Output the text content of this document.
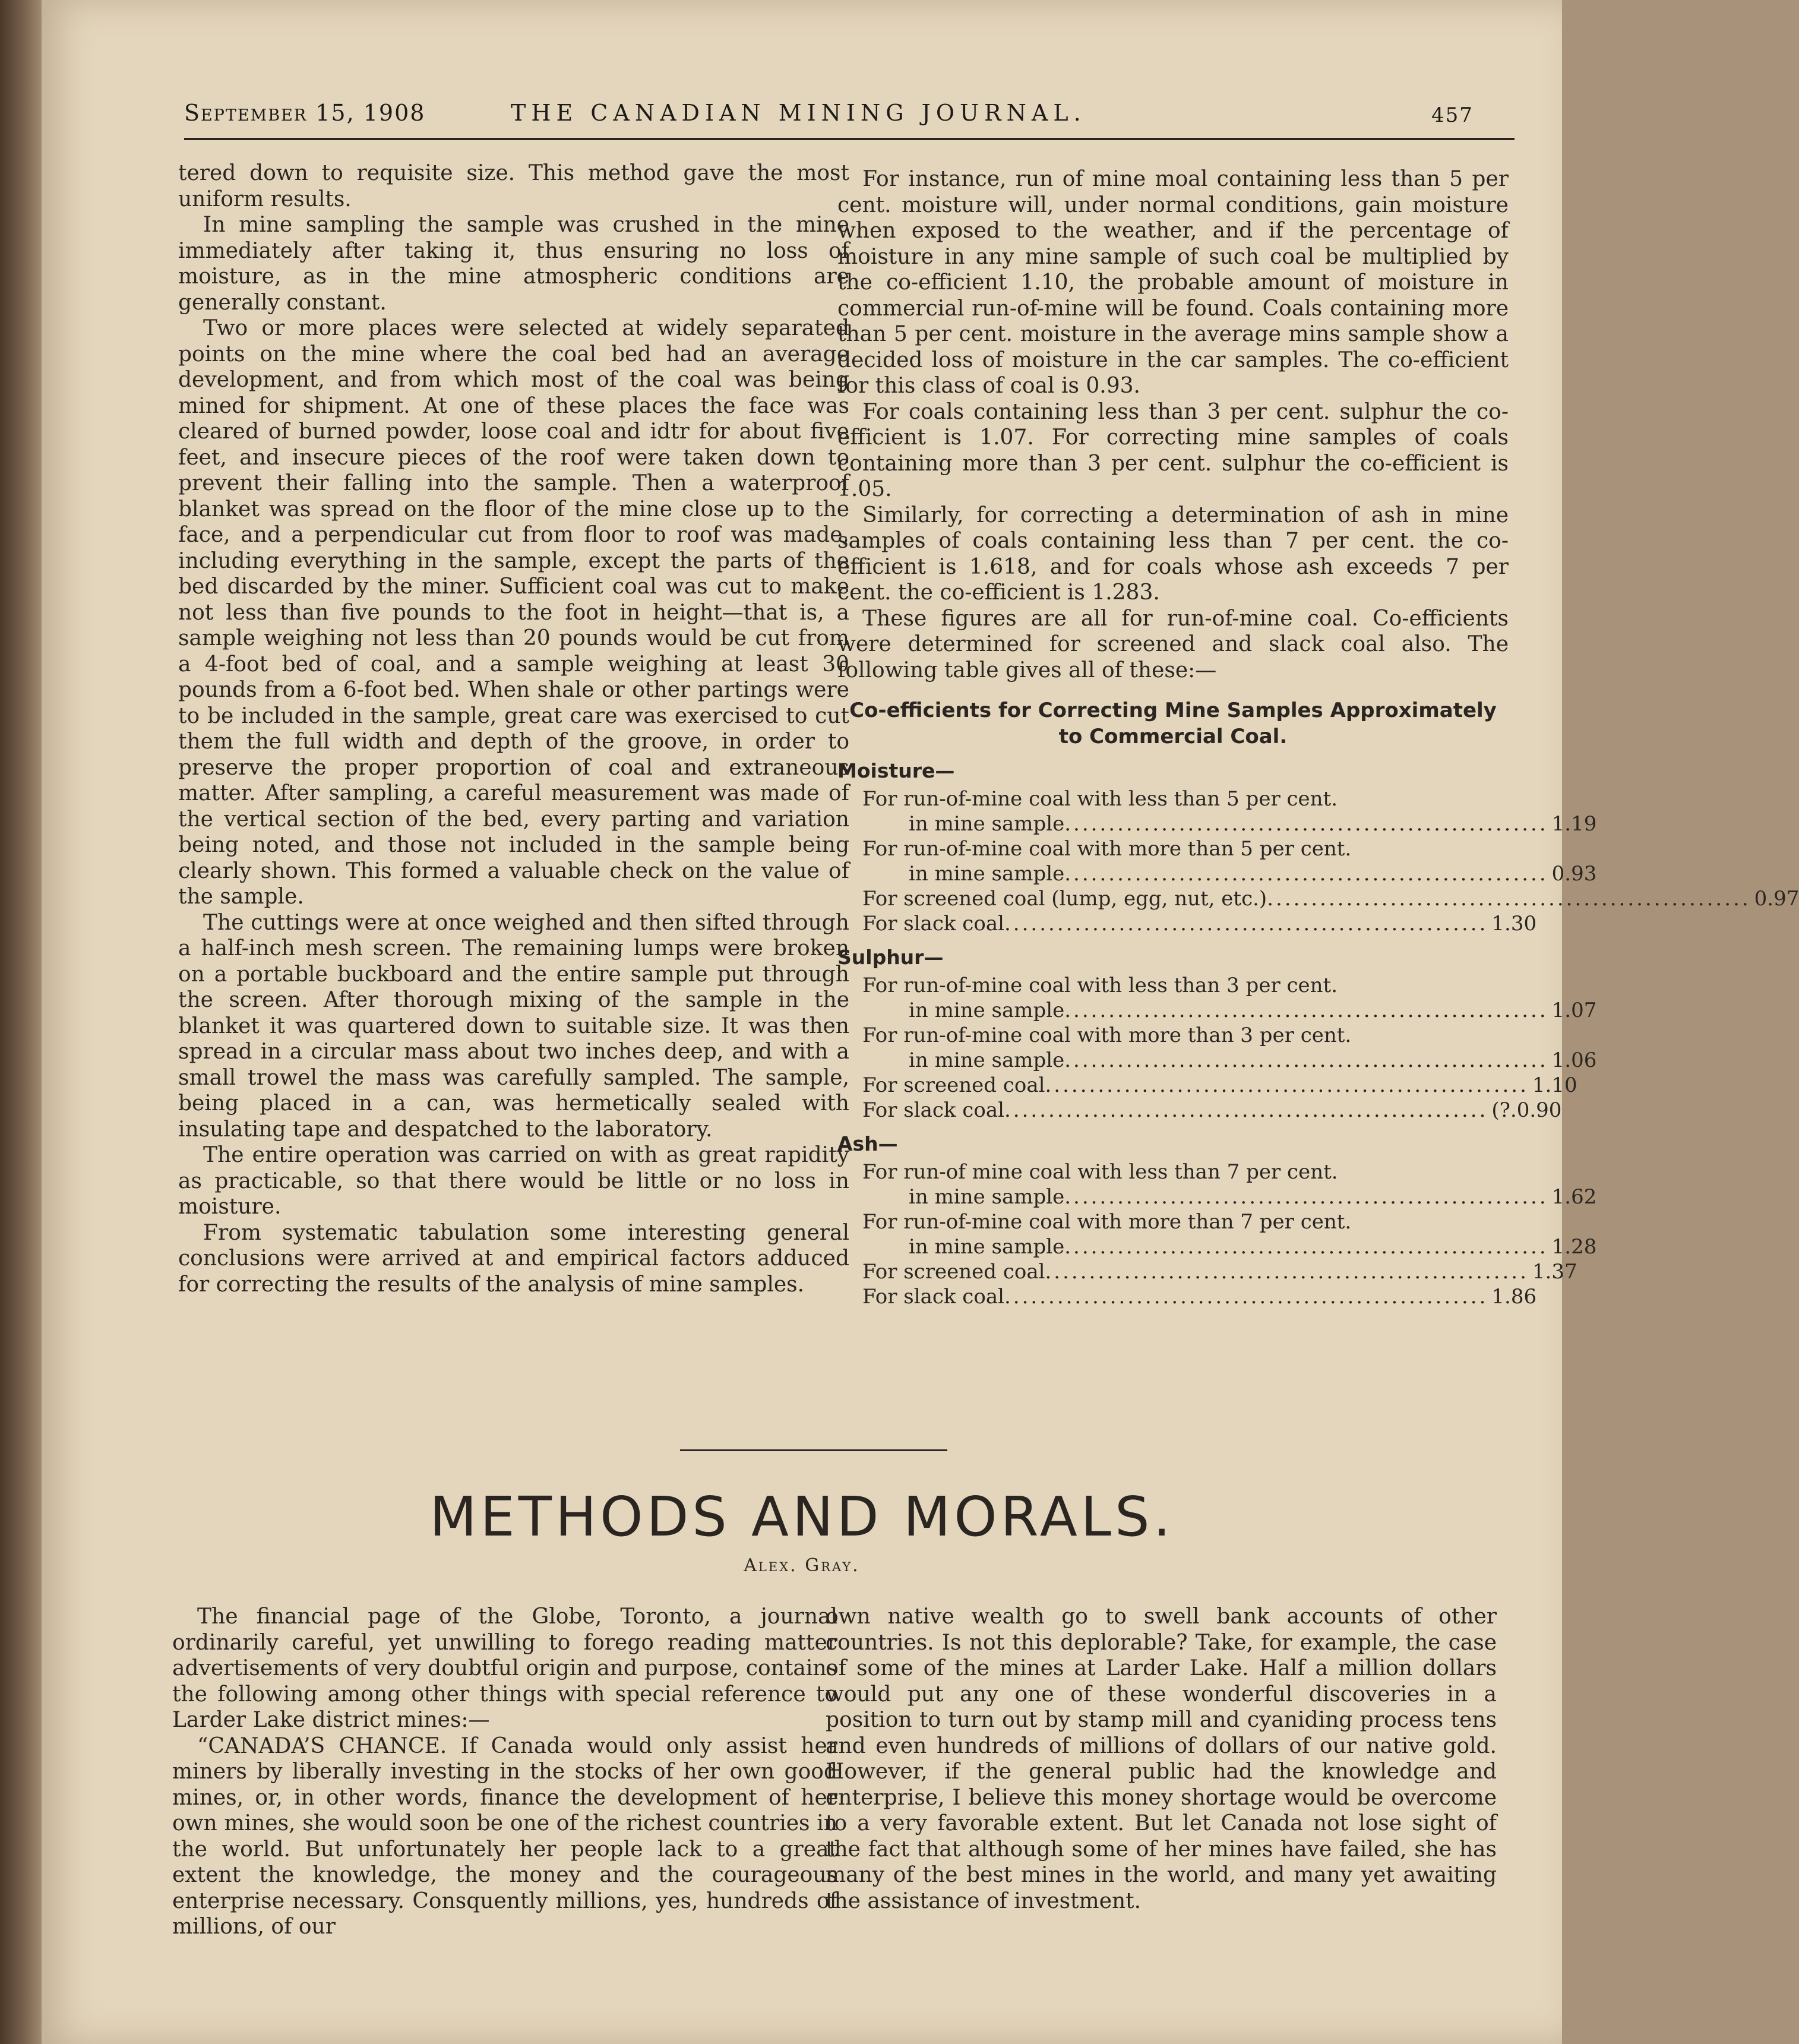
September 15, 1908	THE CANADIAN MINING JOURNAL.	457

tered down to requisite size. This method gave the most uniform results.

In mine sampling the sample was crushed in the mine immediately after taking it, thus ensuring no loss of moisture, as in the mine atmospheric conditions are generally constant.

Two or more places were selected at widely separated points on the mine where the coal bed had an average development, and from which most of the coal was being mined for shipment. At one of these places the face was cleared of burned powder, loose coal and idtr for about five feet, and insecure pieces of the roof were taken down to prevent their falling into the sample. Then a waterproof blanket was spread on the floor of the mine close up to the face, and a perpendicular cut from floor to roof was made, including everything in the sample, except the parts of the bed discarded by the miner. Sufficient coal was cut to make not less than five pounds to the foot in height—that is, a sample weighing not less than 20 pounds would be cut from a 4-foot bed of coal, and a sample weighing at least 30 pounds from a 6-foot bed. When shale or other partings were to be included in the sample, great care was exercised to cut them the full width and depth of the groove, in order to preserve the proper proportion of coal and extraneous matter. After sampling, a careful measurement was made of the vertical section of the bed, every parting and variation being noted, and those not included in the sample being clearly shown. This formed a valuable check on the value of the sample.

The cuttings were at once weighed and then sifted through a half-inch mesh screen. The remaining lumps were broken on a portable buckboard and the entire sample put through the screen. After thorough mixing of the sample in the blanket it was quartered down to suitable size. It was then spread in a circular mass about two inches deep, and with a small trowel the mass was carefully sampled. The sample, being placed in a can, was hermetically sealed with insulating tape and despatched to the laboratory.

The entire operation was carried on with as great rapidity as practicable, so that there would be little or no loss in moisture.

From systematic tabulation some interesting general conclusions were arrived at and empirical factors adduced for correcting the results of the analysis of mine samples.

For instance, run of mine moal containing less than 5 per cent. moisture will, under normal conditions, gain moisture when exposed to the weather, and if the percentage of moisture in any mine sample of such coal be multiplied by the co-efficient 1.10, the probable amount of moisture in commercial run-of-mine will be found. Coals containing more than 5 per cent. moisture in the average mins sample show a decided loss of moisture in the car samples. The co-efficient for this class of coal is 0.93.

For coals containing less than 3 per cent. sulphur the co-efficient is 1.07. For correcting mine samples of coals containing more than 3 per cent. sulphur the co-efficient is 1.05.

Similarly, for correcting a determination of ash in mine samples of coals containing less than 7 per cent. the co-efficient is 1.618, and for coals whose ash exceeds 7 per cent. the co-efficient is 1.283.

These figures are all for run-of-mine coal. Co-efficients were determined for screened and slack coal also. The following table gives all of these:—

Co-efficients for Correcting Mine Samples Approximately to Commercial Coal.
Moisture—
For run-of-mine coal with less than 5 per cent.
in mine sample ....................................................... 1.19
For run-of-mine coal with more than 5 per cent.
in mine sample ....................................................... 0.93
For screened coal (lump, egg, nut, etc.) ....................................................... 0.97
For slack coal ....................................................... 1.30
Sulphur—
For run-of-mine coal with less than 3 per cent.
in mine sample ....................................................... 1.07
For run-of-mine coal with more than 3 per cent.
in mine sample ....................................................... 1.06
For screened coal ....................................................... 1.10
For slack coal ....................................................... (?.0.90
Ash—
For run-of mine coal with less than 7 per cent.
in mine sample ....................................................... 1.62
For run-of-mine coal with more than 7 per cent.
in mine sample ....................................................... 1.28
For screened coal ....................................................... 1.37
For slack coal ....................................................... 1.86
METHODS AND MORALS.
Alex. Gray.

The financial page of the Globe, Toronto, a journal ordinarily careful, yet unwilling to forego reading matter advertisements of very doubtful origin and purpose, contains the following among other things with special reference to Larder Lake district mines:—

“CANADA’S CHANCE. If Canada would only assist her miners by liberally investing in the stocks of her own good mines, or, in other words, finance the development of her own mines, she would soon be one of the richest countries in the world. But unfortunately her people lack to a great extent the knowledge, the money and the courageous enterprise necessary. Consquently millions, yes, hundreds of millions, of our

own native wealth go to swell bank accounts of other countries. Is not this deplorable? Take, for example, the case of some of the mines at Larder Lake. Half a million dollars would put any one of these wonderful discoveries in a position to turn out by stamp mill and cyaniding process tens and even hundreds of millions of dollars of our native gold. However, if the general public had the knowledge and enterprise, I believe this money shortage would be overcome to a very favorable extent. But let Canada not lose sight of the fact that although some of her mines have failed, she has many of the best mines in the world, and many yet awaiting the assistance of investment.
